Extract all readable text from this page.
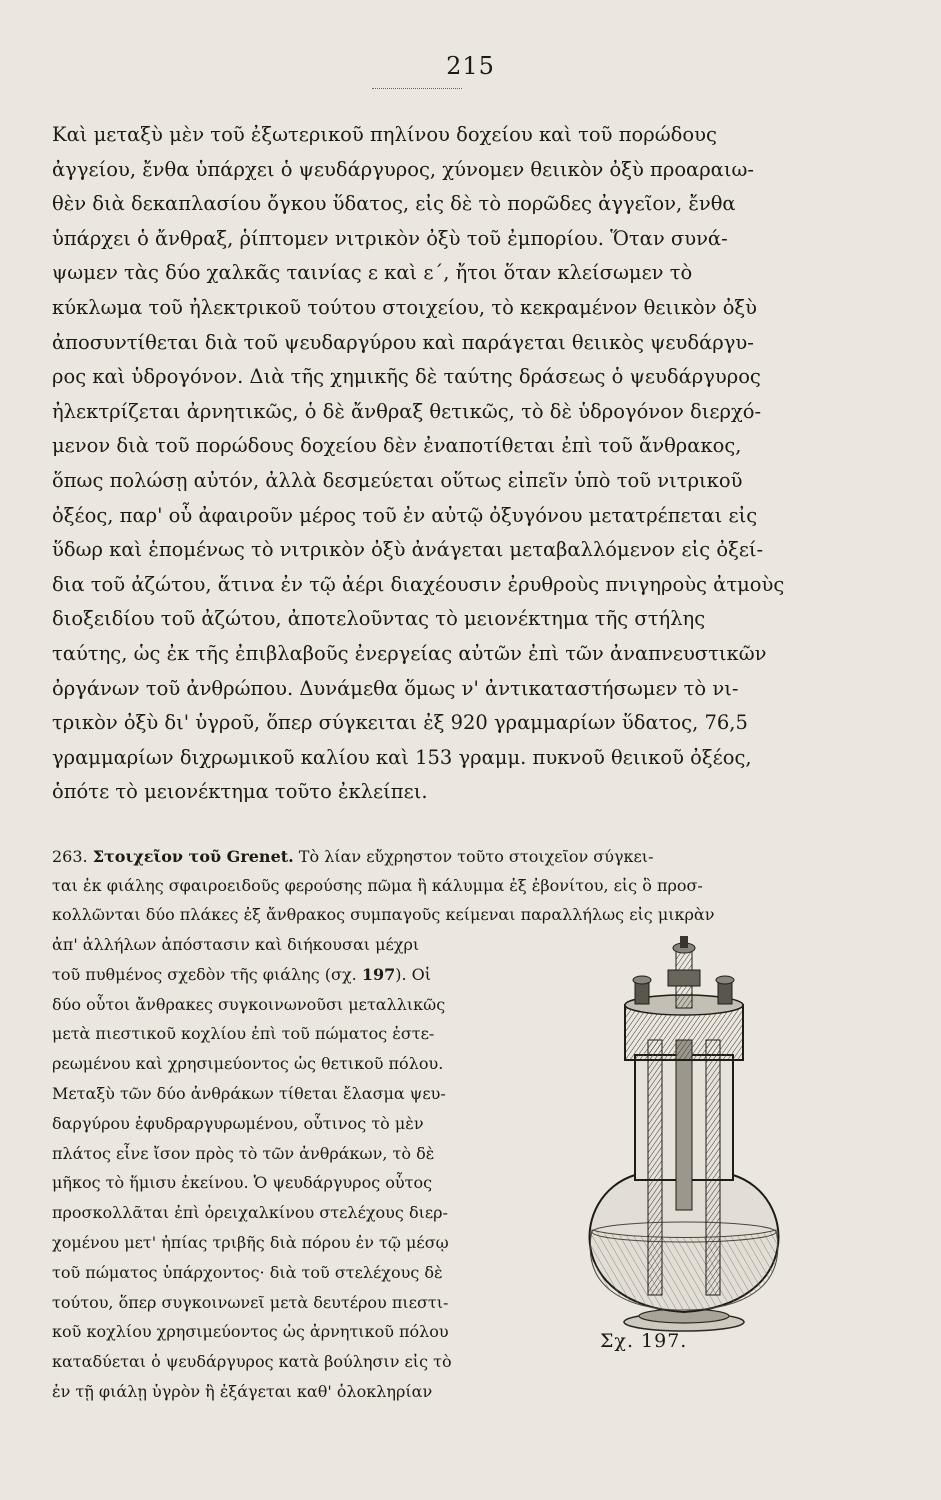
215
Καὶ μεταξὺ μὲν τοῦ ἐξωτερικοῦ πηλίνου δοχείου καὶ τοῦ πορώδους
ἀγγείου, ἔνθα ὑπάρχει ὁ ψευδάργυρος, χύνομεν θειικὸν ὀξὺ προαραιω-
θὲν διὰ δεκαπλασίου ὄγκου ὕδατος, εἰς δὲ τὸ πορῶδες ἀγγεῖον, ἔνθα
ὑπάρχει ὁ ἄνθραξ, ῥίπτομεν νιτρικὸν ὀξὺ τοῦ ἐμπορίου. Ὅταν συνά-
ψωμεν τὰς δύο χαλκᾶς ταινίας ε καὶ ε΄, ἤτοι ὅταν κλείσωμεν τὸ
κύκλωμα τοῦ ἠλεκτρικοῦ τούτου στοιχείου, τὸ κεκραμένον θειικὸν ὀξὺ
ἀποσυντίθεται διὰ τοῦ ψευδαργύρου καὶ παράγεται θειικὸς ψευδάργυ-
ρος καὶ ὑδρογόνον. Διὰ τῆς χημικῆς δὲ ταύτης δράσεως ὁ ψευδάργυρος
ἠλεκτρίζεται ἀρνητικῶς, ὁ δὲ ἄνθραξ θετικῶς, τὸ δὲ ὑδρογόνον διερχό-
μενον διὰ τοῦ πορώδους δοχείου δὲν ἐναποτίθεται ἐπὶ τοῦ ἄνθρακος,
ὅπως πολώσῃ αὐτόν, ἀλλὰ δεσμεύεται οὕτως εἰπεῖν ὑπὸ τοῦ νιτρικοῦ
ὀξέος, παρ' οὗ ἀφαιροῦν μέρος τοῦ ἐν αὐτῷ ὀξυγόνου μετατρέπεται εἰς
ὕδωρ καὶ ἑπομένως τὸ νιτρικὸν ὀξὺ ἀνάγεται μεταβαλλόμενον εἰς ὀξεί-
δια τοῦ ἀζώτου, ἅτινα ἐν τῷ ἀέρι διαχέουσιν ἐρυθροὺς πνιγηροὺς ἀτμοὺς
διοξειδίου τοῦ ἀζώτου, ἀποτελοῦντας τὸ μειονέκτημα τῆς στήλης
ταύτης, ὡς ἐκ τῆς ἐπιβλαβοῦς ἐνεργείας αὐτῶν ἐπὶ τῶν ἀναπνευστικῶν
ὀργάνων τοῦ ἀνθρώπου. Δυνάμεθα ὅμως ν' ἀντικαταστήσωμεν τὸ νι-
τρικὸν ὀξὺ δι' ὑγροῦ, ὅπερ σύγκειται ἐξ 920 γραμμαρίων ὕδατος, 76,5
γραμμαρίων διχρωμικοῦ καλίου καὶ 153 γραμμ. πυκνοῦ θειικοῦ ὀξέος,
ὁπότε τὸ μειονέκτημα τοῦτο ἐκλείπει.
263. Στοιχεῖον τοῦ Grenet. Τὸ λίαν εὔχρηστον τοῦτο στοιχεῖον σύγκει-
ται ἐκ φιάλης σφαιροειδοῦς φερούσης πῶμα ἢ κάλυμμα ἐξ ἐβονίτου, εἰς ὃ προσ-
κολλῶνται δύο πλάκες ἐξ ἄνθρακος συμπαγοῦς κείμεναι παραλλήλως εἰς μικρὰν
ἀπ' ἀλλήλων ἀπόστασιν καὶ διήκουσαι μέχρι
τοῦ πυθμένος σχεδὸν τῆς φιάλης (σχ. 197). Οἱ
δύο οὗτοι ἄνθρακες συγκοινωνοῦσι μεταλλικῶς
μετὰ πιεστικοῦ κοχλίου ἐπὶ τοῦ πώματος ἐστε-
ρεωμένου καὶ χρησιμεύοντος ὡς θετικοῦ πόλου.
Μεταξὺ τῶν δύο ἀνθράκων τίθεται ἔλασμα ψευ-
δαργύρου ἐφυδραργυρωμένου, οὗτινος τὸ μὲν
πλάτος εἶνε ἴσον πρὸς τὸ τῶν ἀνθράκων, τὸ δὲ
μῆκος τὸ ἥμισυ ἐκείνου. Ὁ ψευδάργυρος οὗτος
προσκολλᾶται ἐπὶ ὀρειχαλκίνου στελέχους διερ-
χομένου μετ' ἠπίας τριβῆς διὰ πόρου ἐν τῷ μέσῳ
τοῦ πώματος ὑπάρχοντος· διὰ τοῦ στελέχους δὲ
τούτου, ὅπερ συγκοινωνεῖ μετὰ δευτέρου πιεστι-
κοῦ κοχλίου χρησιμεύοντος ὡς ἀρνητικοῦ πόλου
καταδύεται ὁ ψευδάργυρος κατὰ βούλησιν εἰς τὸ
ἐν τῇ φιάλῃ ὑγρὸν ἢ ἐξάγεται καθ' ὁλοκληρίαν
Σχ. 197.
